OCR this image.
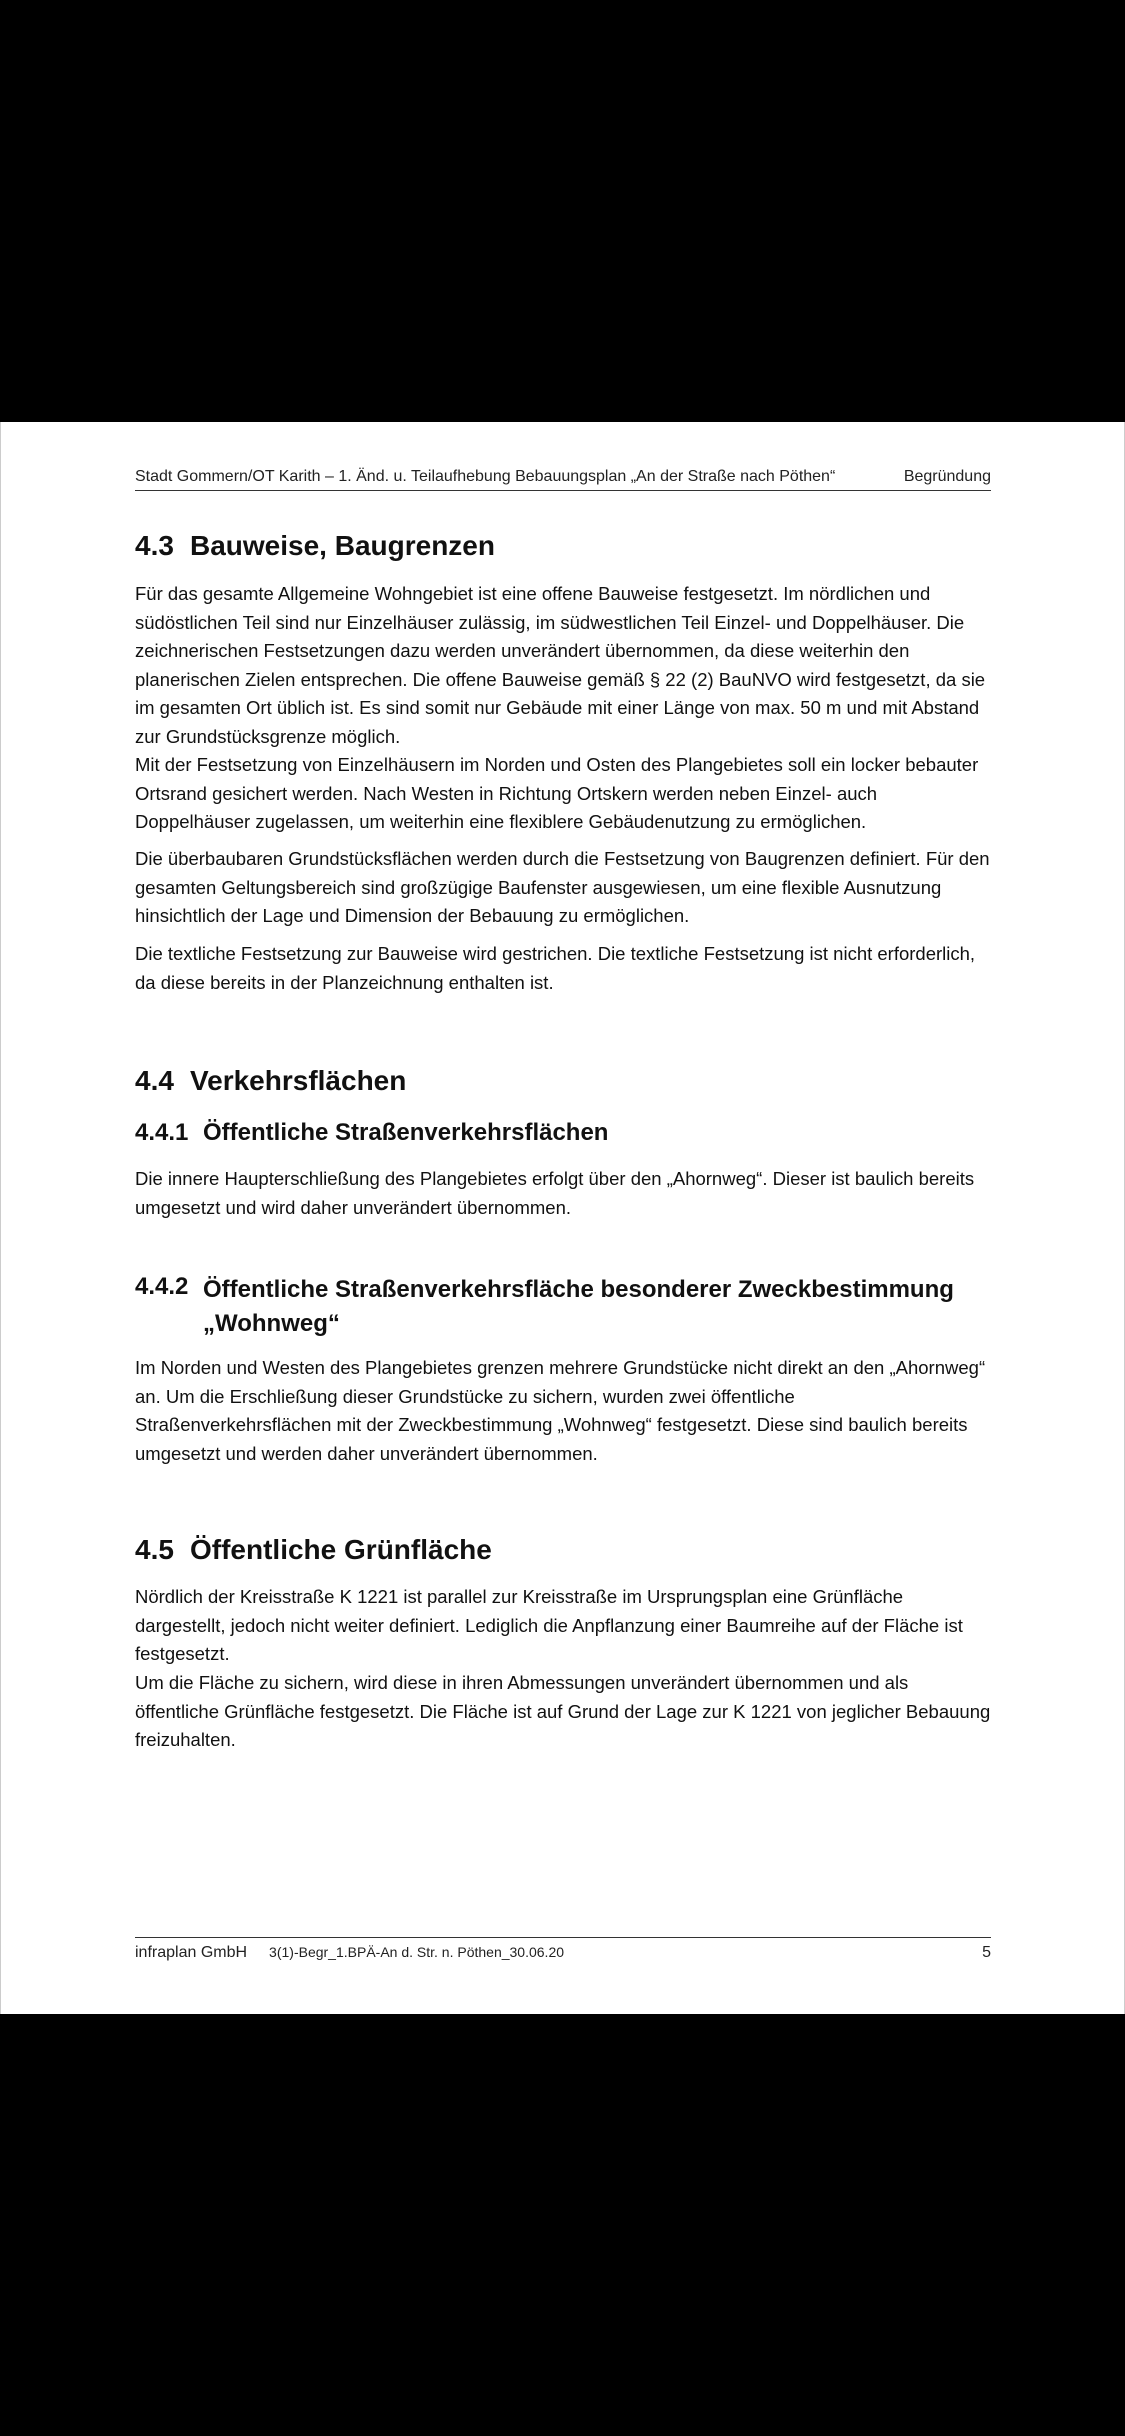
Stadt Gommern/OT Karith – 1. Änd. u. Teilaufhebung Bebauungsplan „An der Straße nach Pöthen“	Begründung
4.3 Bauweise, Baugrenzen

Für das gesamte Allgemeine Wohngebiet ist eine offene Bauweise festgesetzt. Im nördlichen und südöstlichen Teil sind nur Einzelhäuser zulässig, im südwestlichen Teil Einzel- und Doppelhäuser. Die zeichnerischen Festsetzungen dazu werden unverändert übernommen, da diese weiterhin den planerischen Zielen entsprechen. Die offene Bauweise gemäß § 22 (2) BauNVO wird festgesetzt, da sie im gesamten Ort üblich ist. Es sind somit nur Gebäude mit einer Länge von max. 50 m und mit Abstand zur Grundstücksgrenze möglich.

Mit der Festsetzung von Einzelhäusern im Norden und Osten des Plangebietes soll ein locker bebauter Ortsrand gesichert werden. Nach Westen in Richtung Ortskern werden neben Einzel- auch Doppelhäuser zugelassen, um weiterhin eine flexiblere Gebäudenutzung zu ermöglichen.

Die überbaubaren Grundstücksflächen werden durch die Festsetzung von Baugrenzen definiert. Für den gesamten Geltungsbereich sind großzügige Baufenster ausgewiesen, um eine flexible Ausnutzung hinsichtlich der Lage und Dimension der Bebauung zu ermöglichen.

Die textliche Festsetzung zur Bauweise wird gestrichen. Die textliche Festsetzung ist nicht erforderlich, da diese bereits in der Planzeichnung enthalten ist.

4.4 Verkehrsflächen
4.4.1 Öffentliche Straßenverkehrsflächen

Die innere Haupterschließung des Plangebietes erfolgt über den „Ahornweg“. Dieser ist baulich bereits umgesetzt und wird daher unverändert übernommen.

4.4.2 Öffentliche Straßenverkehrsfläche besonderer Zweckbestimmung „Wohnweg“

Im Norden und Westen des Plangebietes grenzen mehrere Grundstücke nicht direkt an den „Ahornweg“ an. Um die Erschließung dieser Grundstücke zu sichern, wurden zwei öffentliche Straßenverkehrsflächen mit der Zweckbestimmung „Wohnweg“ festgesetzt. Diese sind baulich bereits umgesetzt und werden daher unverändert übernommen.

4.5 Öffentliche Grünfläche

Nördlich der Kreisstraße K 1221 ist parallel zur Kreisstraße im Ursprungsplan eine Grünfläche dargestellt, jedoch nicht weiter definiert. Lediglich die Anpflanzung einer Baumreihe auf der Fläche ist festgesetzt.

Um die Fläche zu sichern, wird diese in ihren Abmessungen unverändert übernommen und als öffentliche Grünfläche festgesetzt. Die Fläche ist auf Grund der Lage zur K 1221 von jeglicher Bebauung freizuhalten.

infraplan GmbH 3(1)-Begr_1.BPÄ-An d. Str. n. Pöthen_30.06.20	5
